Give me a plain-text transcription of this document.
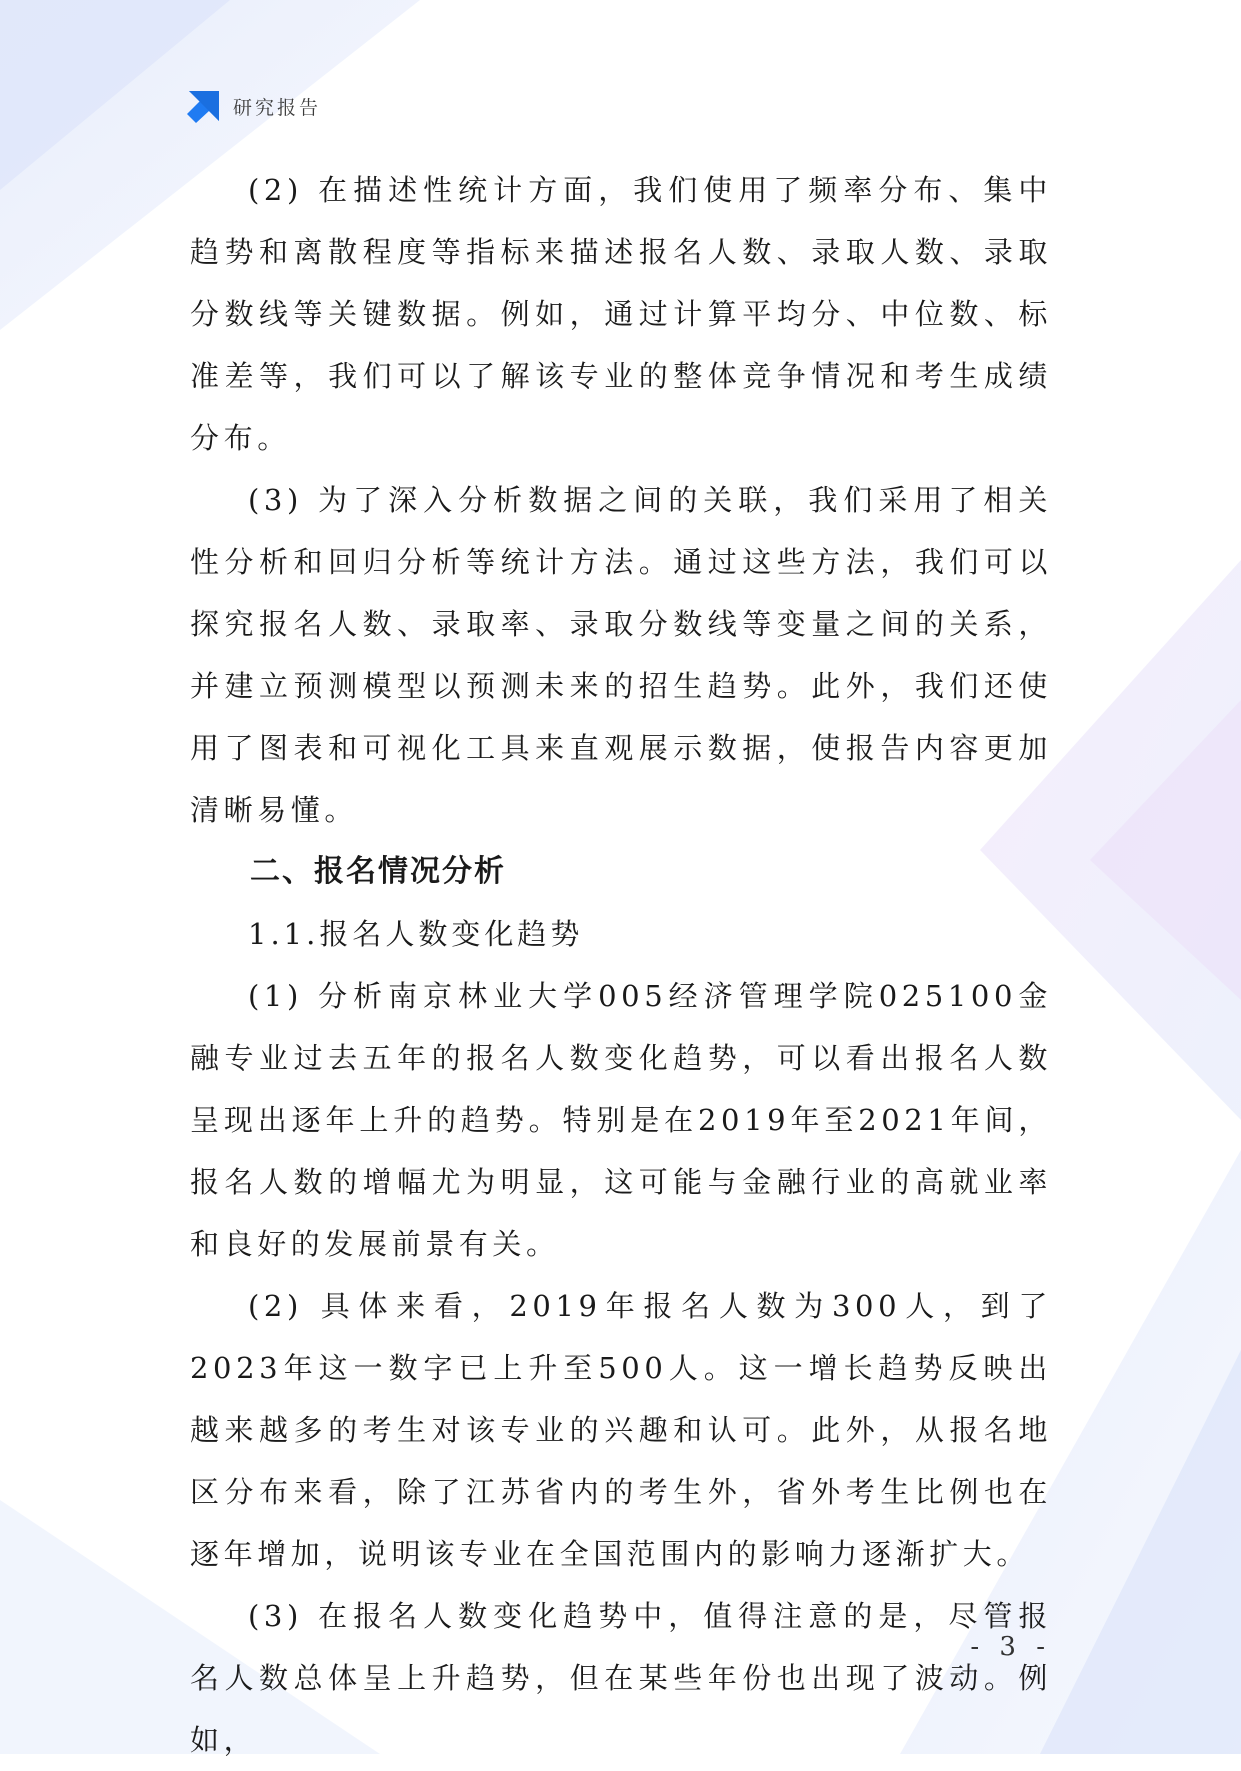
研究报告

(2) 在描述性统计方面，我们使用了频率分布、集中趋势和离散程度等指标来描述报名人数、录取人数、录取分数线等关键数据。例如，通过计算平均分、中位数、标准差等，我们可以了解该专业的整体竞争情况和考生成绩分布。

(3) 为了深入分析数据之间的关联，我们采用了相关性分析和回归分析等统计方法。通过这些方法，我们可以探究报名人数、录取率、录取分数线等变量之间的关系，并建立预测模型以预测未来的招生趋势。此外，我们还使用了图表和可视化工具来直观展示数据，使报告内容更加清晰易懂。

二、报名情况分析

1.1.报名人数变化趋势

(1) 分析南京林业大学005经济管理学院025100金融专业过去五年的报名人数变化趋势，可以看出报名人数呈现出逐年上升的趋势。特别是在2019年至2021年间，报名人数的增幅尤为明显，这可能与金融行业的高就业率和良好的发展前景有关。

(2) 具体来看，2019年报名人数为300人，到了2023年这一数字已上升至500人。这一增长趋势反映出越来越多的考生对该专业的兴趣和认可。此外，从报名地区分布来看，除了江苏省内的考生外，省外考生比例也在逐年增加，说明该专业在全国范围内的影响力逐渐扩大。

(3) 在报名人数变化趋势中，值得注意的是，尽管报名人数总体呈上升趋势，但在某些年份也出现了波动。例如，

- 3 -
